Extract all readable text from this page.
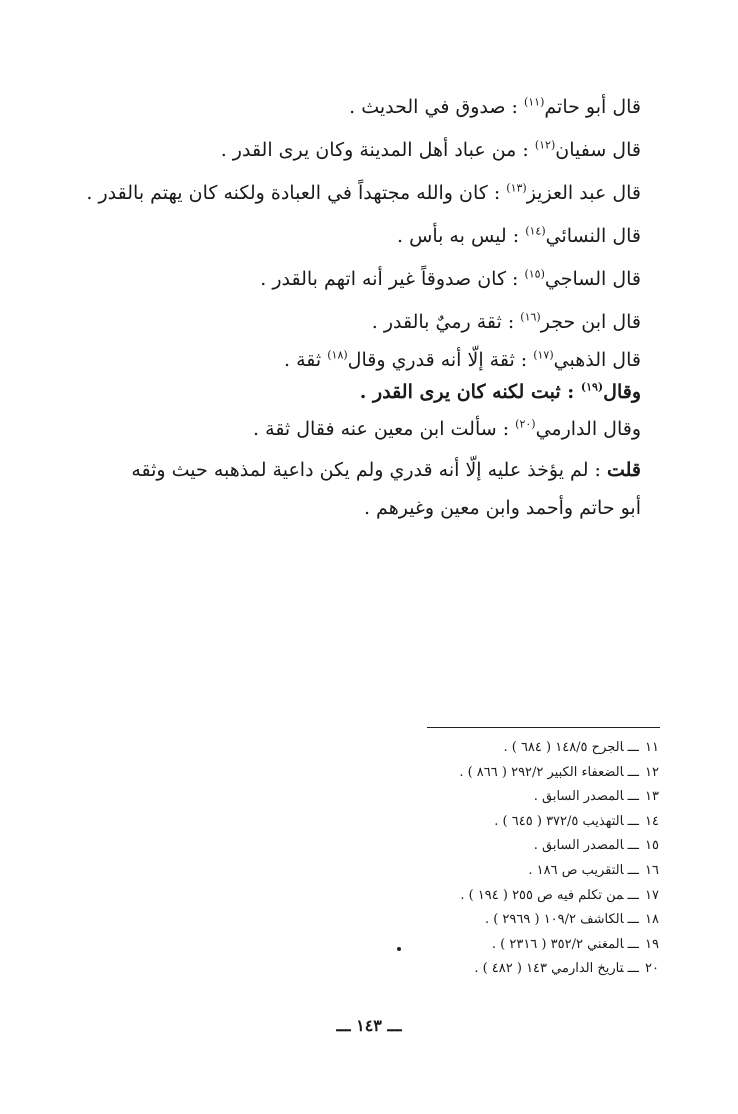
قال أبو حاتم$^{(١١)}$ : صدوق في الحديث .
قال سفيان$^{(١٢)}$ : من عباد أهل المدينة وكان يرى القدر .
قال عبد العزيز$^{(١٣)}$ : كان والله مجتهداً في العبادة ولكنه كان يهتم بالقدر .
قال النسائي$^{(١٤)}$ : ليس به بأس .
قال الساجي$^{(١٥)}$ : كان صدوقاً غير أنه اتهم بالقدر .
قال ابن حجر$^{(١٦)}$ : ثقة رميٌ بالقدر .
قال الذهبي$^{(١٧)}$ : ثقة إلّا أنه قدري وقال$^{(١٨)}$ ثقة .
وقال$^{(١٩)}$ : ثبت لكنه كان يرى القدر .
وقال الدارمي$^{(٢٠)}$ : سألت ابن معين عنه فقال ثقة .
قلت : لم يؤخذ عليه إلّا أنه قدري ولم يكن داعية لمذهبه حيث وثقه
أبو حاتم وأحمد وابن معين وغيرهم .
١١ـــالجرح ١٤٨/٥ ( ٦٨٤ ) .
١٢ـــالضعفاء الكبير ٢٩٢/٢ ( ٨٦٦ ) .
١٣ـــالمصدر السابق .
١٤ـــالتهذيب ٣٧٢/٥ ( ٦٤٥ ) .
١٥ـــالمصدر السابق .
١٦ـــالتقريب ص ١٨٦ .
١٧ـــمن تكلم فيه ص ٢٥٥ ( ١٩٤ ) .
١٨ـــالكاشف ١٠٩/٢ ( ٢٩٦٩ ) .
١٩ـــالمغني ٣٥٢/٢ ( ٢٣١٦ ) .
٢٠ـــتاريخ الدارمي ١٤٣ ( ٤٨٢ ) .
ـــ ١٤٣ ـــ
